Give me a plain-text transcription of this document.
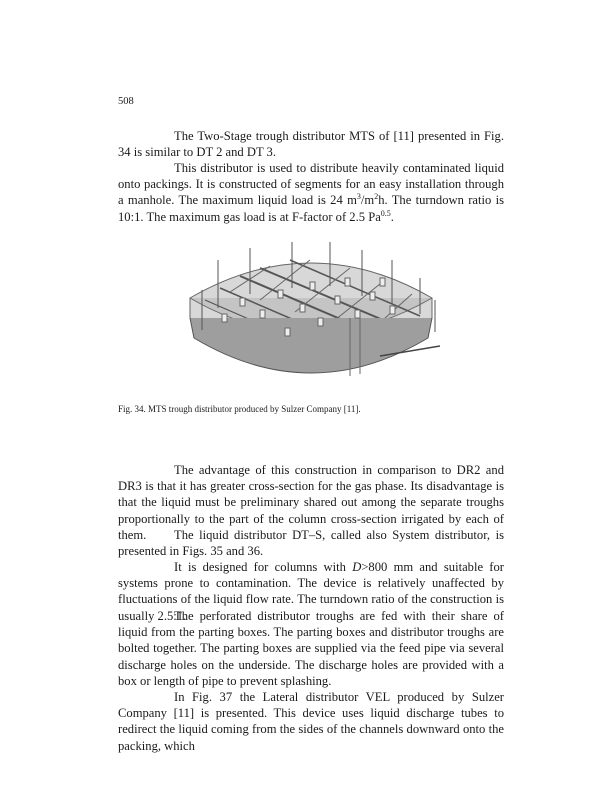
508

The Two-Stage trough distributor MTS of [11] presented in Fig. 34 is similar to DT 2 and DT 3.

This distributor is used to distribute heavily contaminated liquid onto packings. It is constructed of segments for an easy installation through a manhole. The maximum liquid load is 24 $m^3/m^2h$. The turndown ratio is 10:1. The maximum gas load is at F-factor of 2.5 $Pa^{0.5}$.

Fig. 34. MTS trough distributor produced by Sulzer Company [11].

The advantage of this construction in comparison to DR2 and DR3 is that it has greater cross-section for the gas phase. Its disadvantage is that the liquid must be preliminary shared out among the separate troughs proportionally to the part of the column cross-section irrigated by each of them.	The liquid distributor DT–S, called also System distributor, is presented in Figs. 35 and 36.

It is designed for columns with D>800 mm and suitable for systems prone to contamination. The device is relatively unaffected by fluctuations of the liquid flow rate. The turndown ratio of the construction is usually 2.5:1.

The perforated distributor troughs are fed with their share of liquid from the parting boxes. The parting boxes and distributor troughs are bolted together. The parting boxes are supplied via the feed pipe via several discharge holes on the underside. The discharge holes are provided with a box or length of pipe to prevent splashing.

In Fig. 37 the Lateral distributor VEL produced by Sulzer Company [11] is presented. This device uses liquid discharge tubes to redirect the liquid coming from the sides of the channels downward onto the packing, which
